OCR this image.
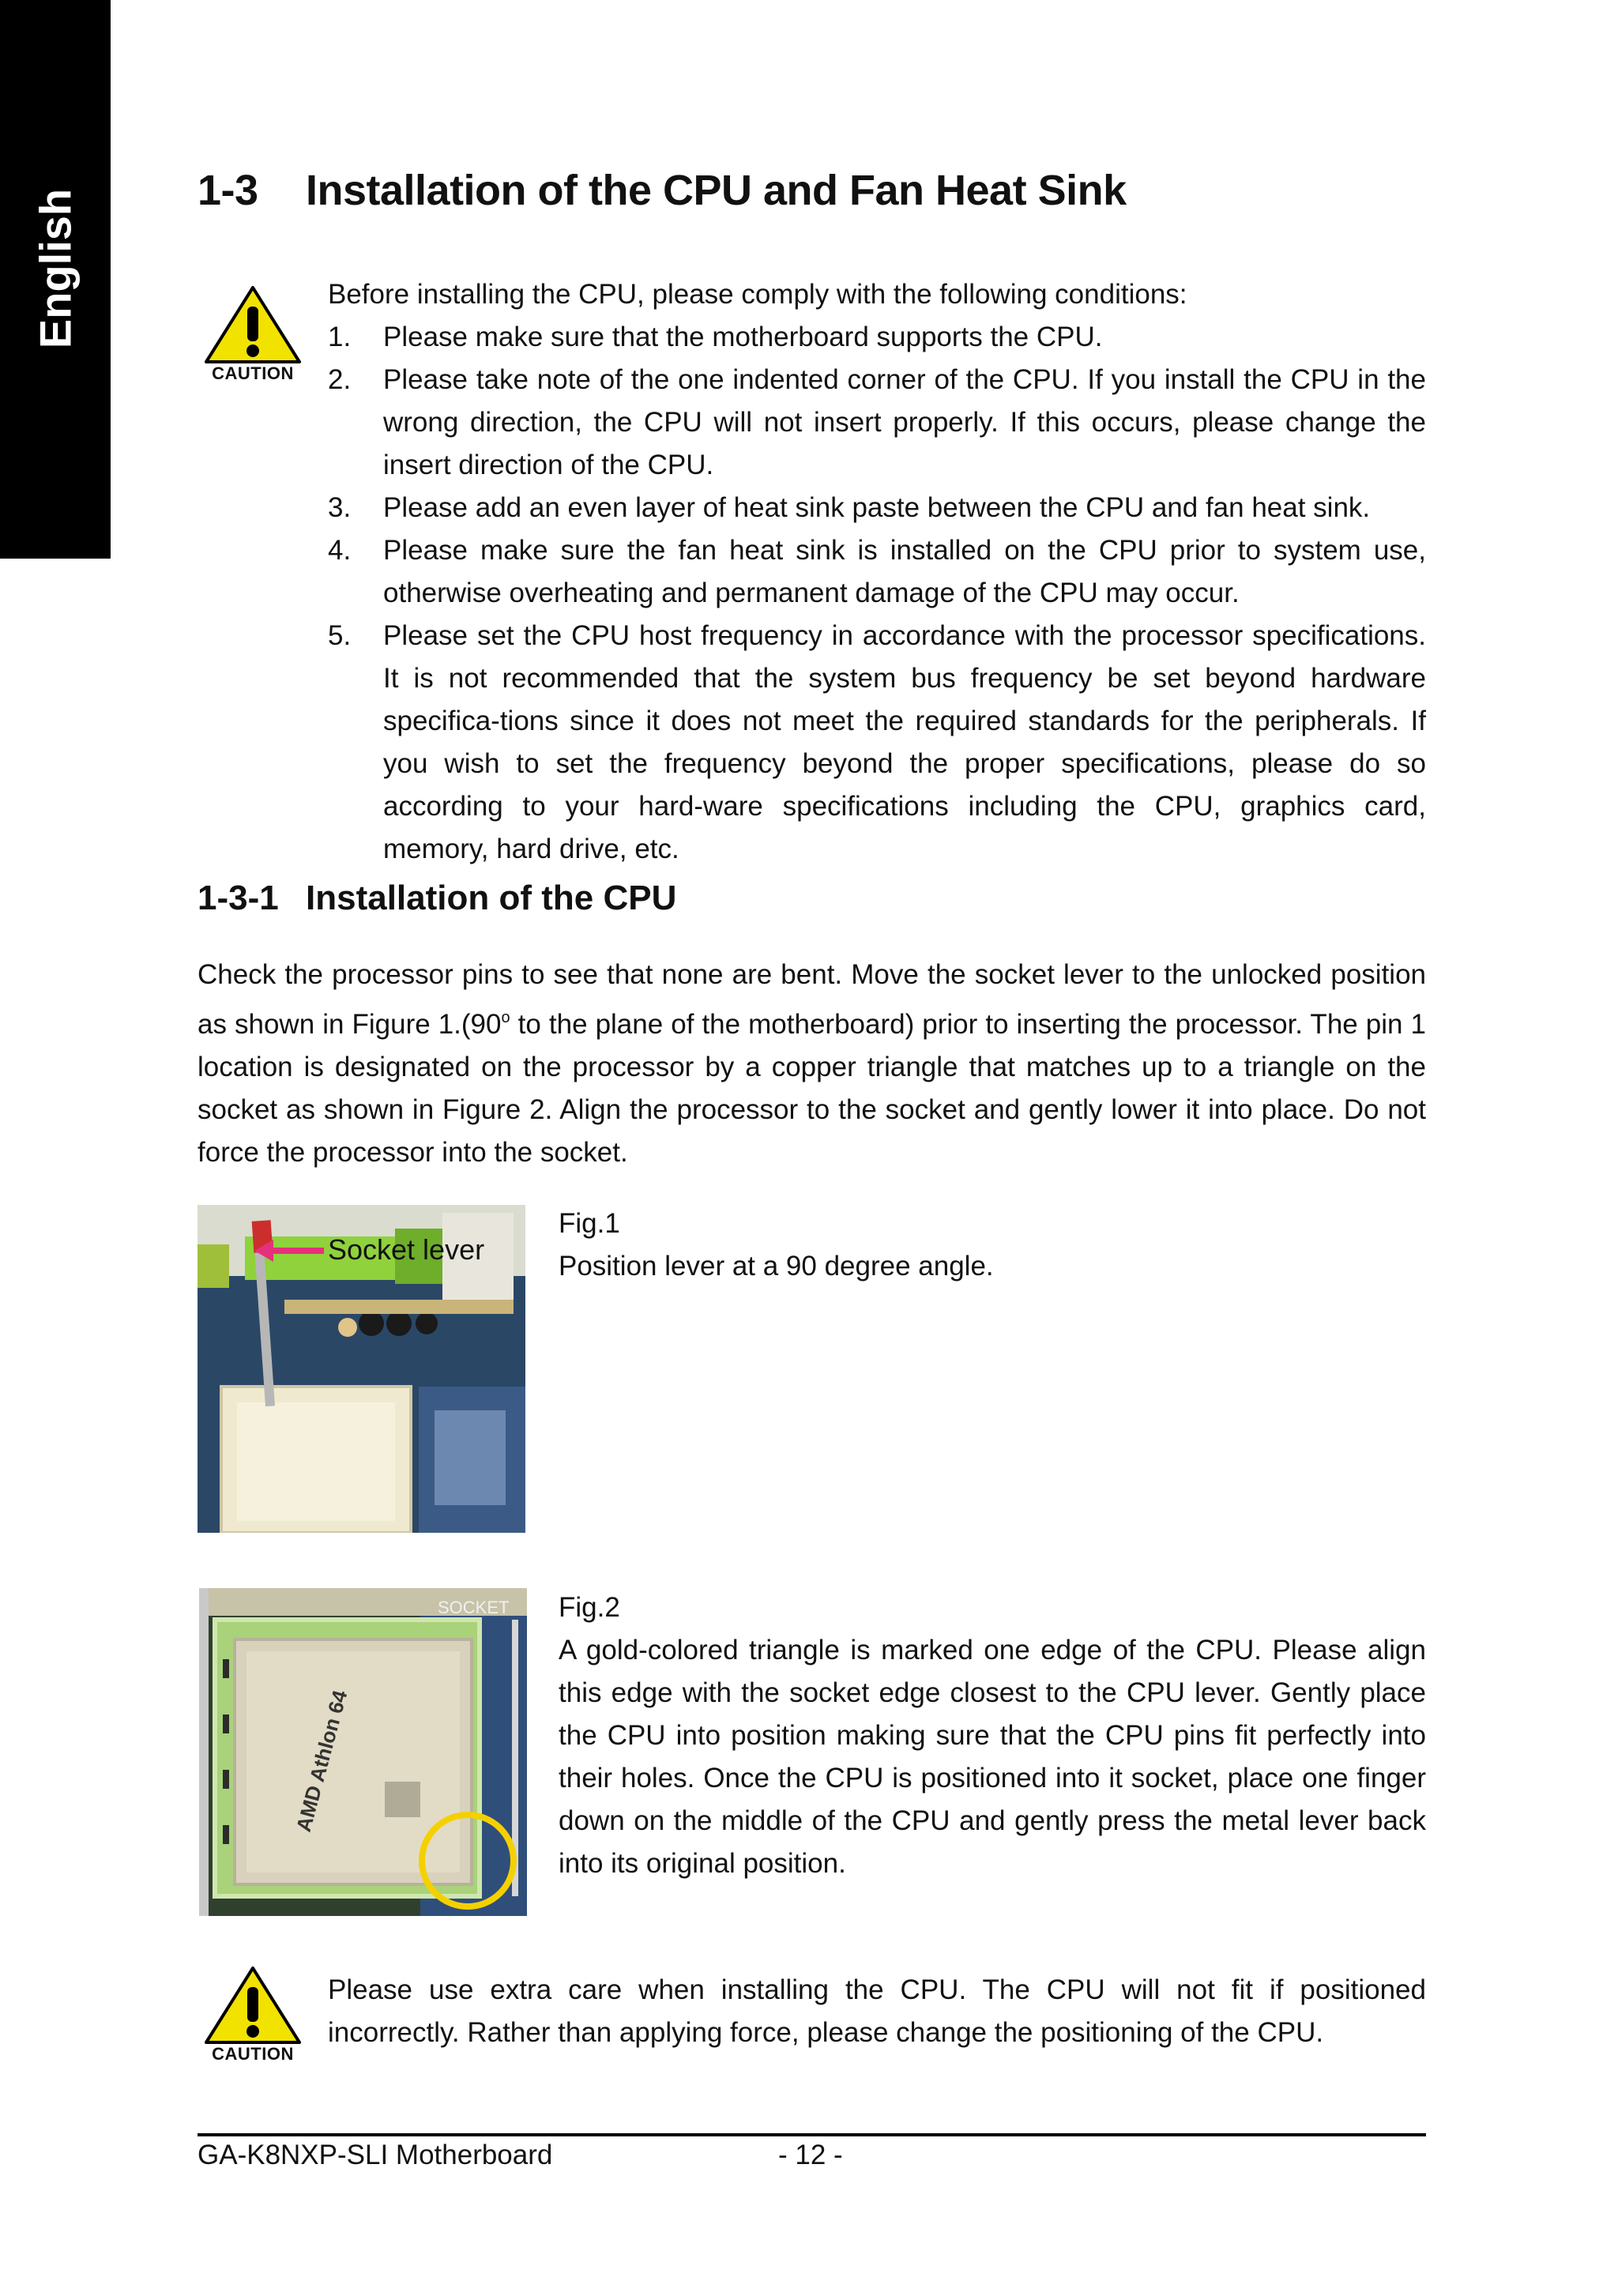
English	1-3 Installation of the CPU and Fan Heat Sink
CAUTION
Before installing the CPU, please comply with the following conditions:
1. Please make sure that the motherboard supports the CPU.
2. Please take note of the one indented corner of the CPU. If you install the CPU in the wrong direction, the CPU will not insert properly. If this occurs, please change the insert direction of the CPU.
3. Please add an even layer of heat sink paste between the CPU and fan heat sink.
4. Please make sure the fan heat sink is installed on the CPU prior to system use, otherwise overheating and permanent damage of the CPU may occur.
5. Please set the CPU host frequency in accordance with the processor specifications. It is not recommended that the system bus frequency be set beyond hardware specifica-tions since it does not meet the required standards for the peripherals. If you wish to set the frequency beyond the proper specifications, please do so according to your hard-ware specifications including the CPU, graphics card, memory, hard drive, etc.
1-3-1 Installation of the CPU
Check the processor pins to see that none are bent. Move the socket lever to the unlocked position as shown in Figure 1.(90$^o$ to the plane of the motherboard) prior to inserting the processor. The pin 1 location is designated on the processor by a copper triangle that matches up to a triangle on the socket as shown in Figure 2. Align the processor to the socket and gently lower it into place. Do not force the processor into the socket.
Socket lever
Fig.1
Position lever at a 90 degree angle.
SOCKET
AMD Athlon 64
Fig.2
A gold-colored triangle is marked one edge of the CPU. Please align this edge with the socket edge closest to the CPU lever. Gently place the CPU into position making sure that the CPU pins fit perfectly into their holes. Once the CPU is positioned into it socket, place one finger down on the middle of the CPU and gently press the metal lever back into its original position.
CAUTION
Please use extra care when installing the CPU. The CPU will not fit if positioned incorrectly. Rather than applying force, please change the positioning of the CPU.
GA-K8NXP-SLI Motherboard	- 12 -
